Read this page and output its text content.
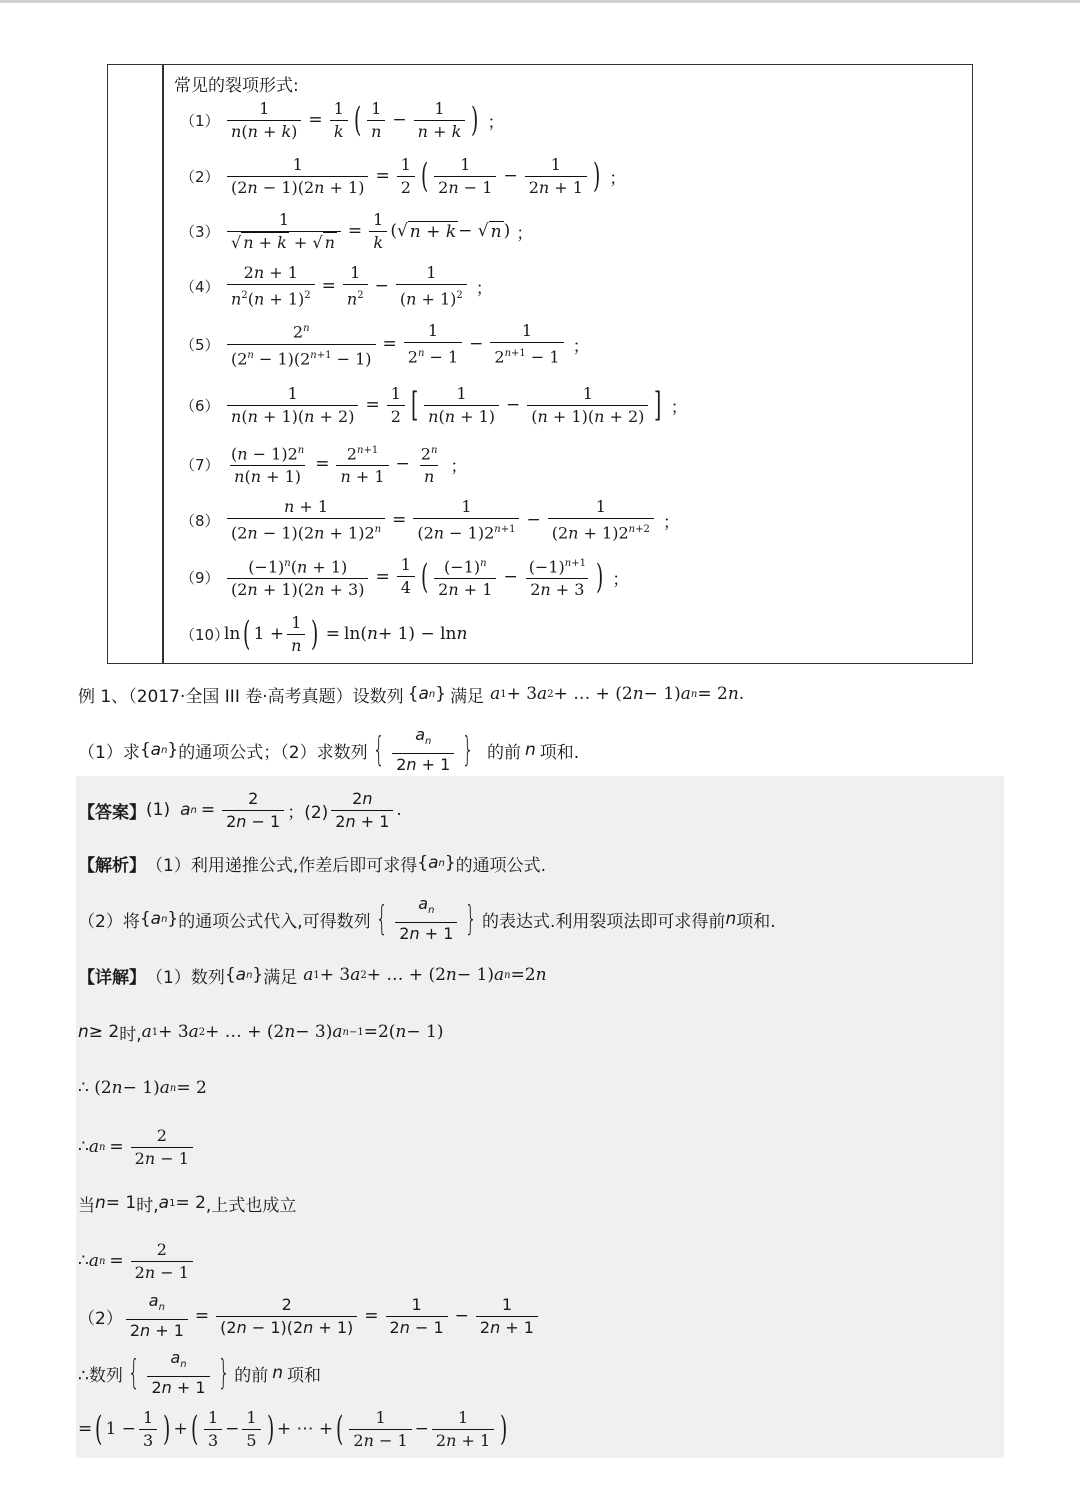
常见的裂项形式:
$(1) \frac{1}{n(n + k)} = \frac{1}{k}$ ( $\frac{1}{n} - \frac{1}{n + k}$ ) ；
$(2) \frac{1}{(2n - 1)(2n + 1)} = \frac{1}{2}$ ( $\frac{1}{2n - 1} - \frac{1}{2n + 1}$ ) ；
$(3) \frac{1}{√ n + k + √ n} = \frac{1}{k}$ (√ n + k − √ n ) ；
$(4) \frac{2n + 1}{n^2(n + 1)^2} = \frac{1}{n^2} - \frac{1}{(n + 1)^2}$ ；
$(5) \frac{2^n}{(2^n - 1)(2^{n+1} - 1)} = \frac{1}{2^n - 1} - \frac{1}{2^{n+1} - 1}$ ；
$(6) \frac{1}{n(n + 1)(n + 2)} = \frac{1}{2}$ [ $\frac{1}{n(n + 1)} - \frac{1}{(n + 1)(n + 2)}$ ] ；
$(7) \frac{(n - 1)2^n}{n(n + 1)} = \frac{2^{n+1}}{n + 1} - \frac{2^n}{n}$ ；
$(8) \frac{n + 1}{(2n - 1)(2n + 1)2^n} = \frac{1}{(2n - 1)2^{n+1}} - \frac{1}{(2n + 1)2^{n+2}}$ ；
$(9) \frac{(-1)^n(n + 1)}{(2n + 1)(2n + 3)} = \frac{1}{4}$ ( $\frac{(-1)^n}{2n + 1} - \frac{(-1)^{n+1}}{2n + 3}$ ) ；
（10）
ln ( $1 + \frac{1}{n}$ ) = ln( n + 1) − ln n
例 1、（2017·全国 III 卷·高考真题）设数列 { a n } 满足 a 1 + 3 a 2 + … + (2 n − 1) a n = 2 n .
（1）求 { a n } 的通项公式；（2）求数列 { $\frac{a_n}{2n + 1}$ } 的前 n 项和.
【答案】 (1) a $n = \frac{2}{2n - 1}$ ；$(2) \frac{2n}{2n + 1}$ .
【解析】 （1）利用递推公式,作差后即可求得 { a n } 的通项公式.
（2）将 { a n } 的通项公式代入,可得数列 { $\frac{a_n}{2n + 1}$ } 的表达式.利用裂项法即可求得前 n 项和.
【详解】 （1）数列 { a n } 满足 a 1 + 3 a 2 + … + (2 n − 1) a n =2 n
n ≥ 2 时, a 1 + 3 a 2 + … + (2 n − 3) a n−1 =2( n − 1)
∴ (2 n − 1) a n = 2
∴ a $n = \frac{2}{2n - 1}$
当 n = 1 时, a 1 = 2 ,上式也成立
∴ a $n = \frac{2}{2n - 1}$
$(2) \frac{a_n}{2n + 1} = \frac{2}{(2n - 1)(2n + 1)} = \frac{1}{2n - 1} - \frac{1}{2n + 1}$
∴数列 { $\frac{a_n}{2n + 1}$ } 的前 n 项和
= ( $1 - \frac{1}{3}$ ) + ( $\frac{1}{3} - \frac{1}{5}$ ) + ⋯ + ( $\frac{1}{2n - 1} - \frac{1}{2n + 1}$ )
